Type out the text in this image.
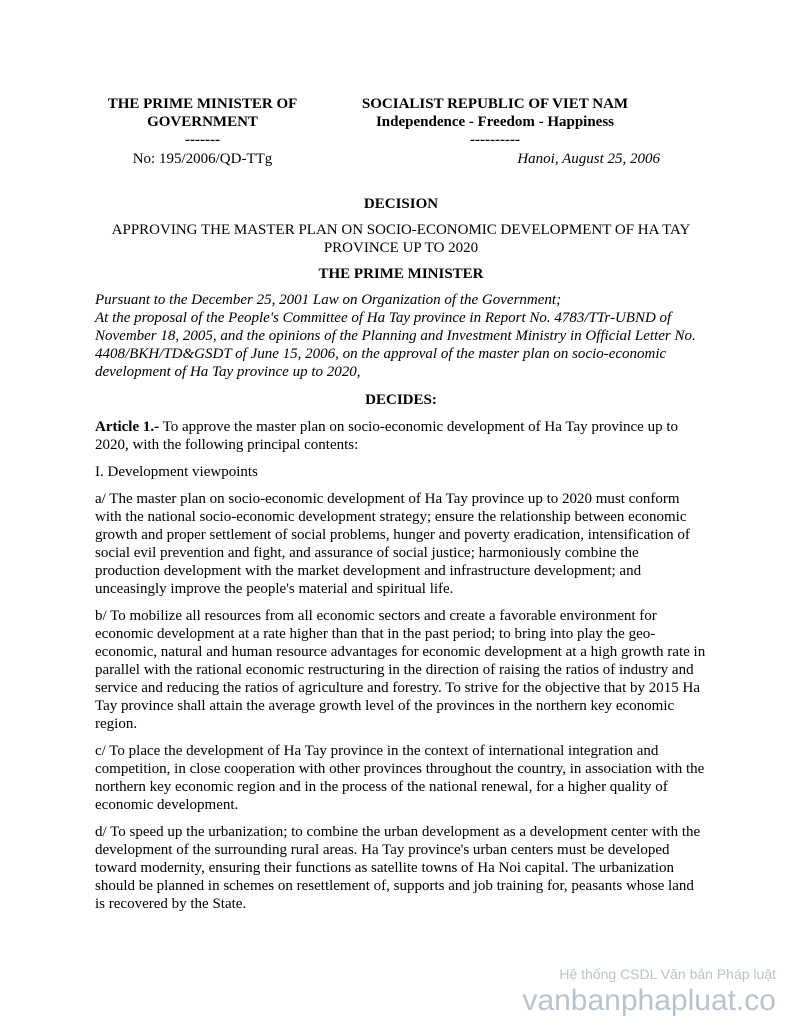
THE PRIME MINISTER OF
GOVERNMENT
-------
No: 195/2006/QD-TTg
SOCIALIST REPUBLIC OF VIET NAM
Independence - Freedom - Happiness
----------
Hanoi, August 25, 2006
DECISION
APPROVING THE MASTER PLAN ON SOCIO-ECONOMIC DEVELOPMENT OF HA TAY PROVINCE UP TO 2020
THE PRIME MINISTER
Pursuant to the December 25, 2001 Law on Organization of the Government;
At the proposal of the People's Committee of Ha Tay province in Report No. 4783/TTr-UBND of November 18, 2005, and the opinions of the Planning and Investment Ministry in Official Letter No. 4408/BKH/TD&GSDT of June 15, 2006, on the approval of the master plan on socio-economic development of Ha Tay province up to 2020,
DECIDES:

Article 1.- To approve the master plan on socio-economic development of Ha Tay province up to 2020, with the following principal contents:

I. Development viewpoints

a/ The master plan on socio-economic development of Ha Tay province up to 2020 must conform with the national socio-economic development strategy; ensure the relationship between economic growth and proper settlement of social problems, hunger and poverty eradication, intensification of social evil prevention and fight, and assurance of social justice; harmoniously combine the production development with the market development and infrastructure development; and unceasingly improve the people's material and spiritual life.

b/ To mobilize all resources from all economic sectors and create a favorable environment for economic development at a rate higher than that in the past period; to bring into play the geo-economic, natural and human resource advantages for economic development at a high growth rate in parallel with the rational economic restructuring in the direction of raising the ratios of industry and service and reducing the ratios of agriculture and forestry. To strive for the objective that by 2015 Ha Tay province shall attain the average growth level of the provinces in the northern key economic region.

c/ To place the development of Ha Tay province in the context of international integration and competition, in close cooperation with other provinces throughout the country, in association with the northern key economic region and in the process of the national renewal, for a higher quality of economic development.

d/ To speed up the urbanization; to combine the urban development as a development center with the development of the surrounding rural areas. Ha Tay province's urban centers must be developed toward modernity, ensuring their functions as satellite towns of Ha Noi capital. The urbanization should be planned in schemes on resettlement of, supports and job training for, peasants whose land is recovered by the State.

Hệ thống CSDL Văn bản Pháp luật
vanbanphapluat.co
